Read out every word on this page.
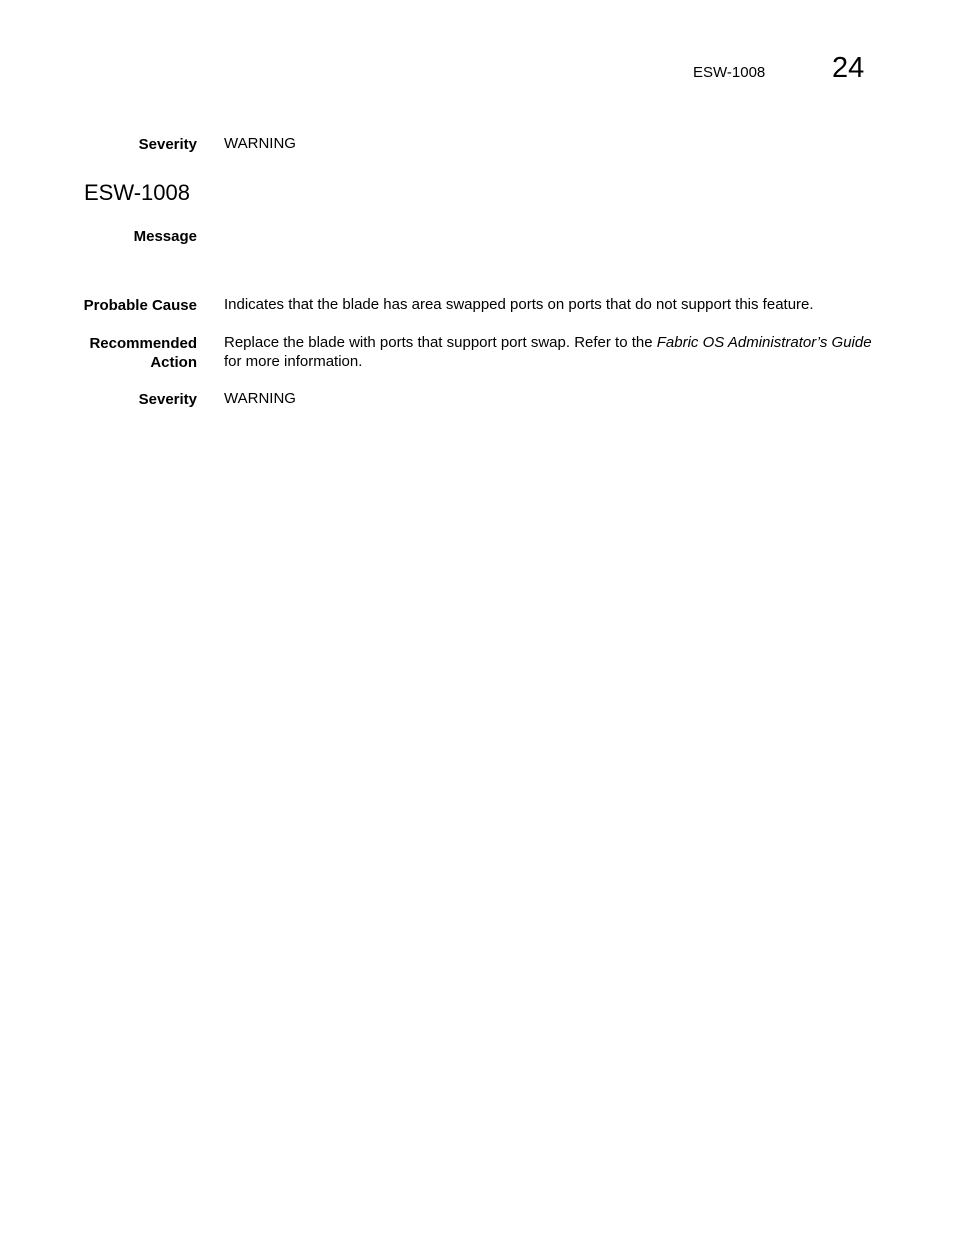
ESW-1008 24
Severity WARNING
ESW-1008
Message
Probable Cause Indicates that the blade has area swapped ports on ports that do not support this feature.
Recommended
Action
Replace the blade with ports that support port swap. Refer to the Fabric OS Administrator’s Guide
for more information.
Severity WARNING
